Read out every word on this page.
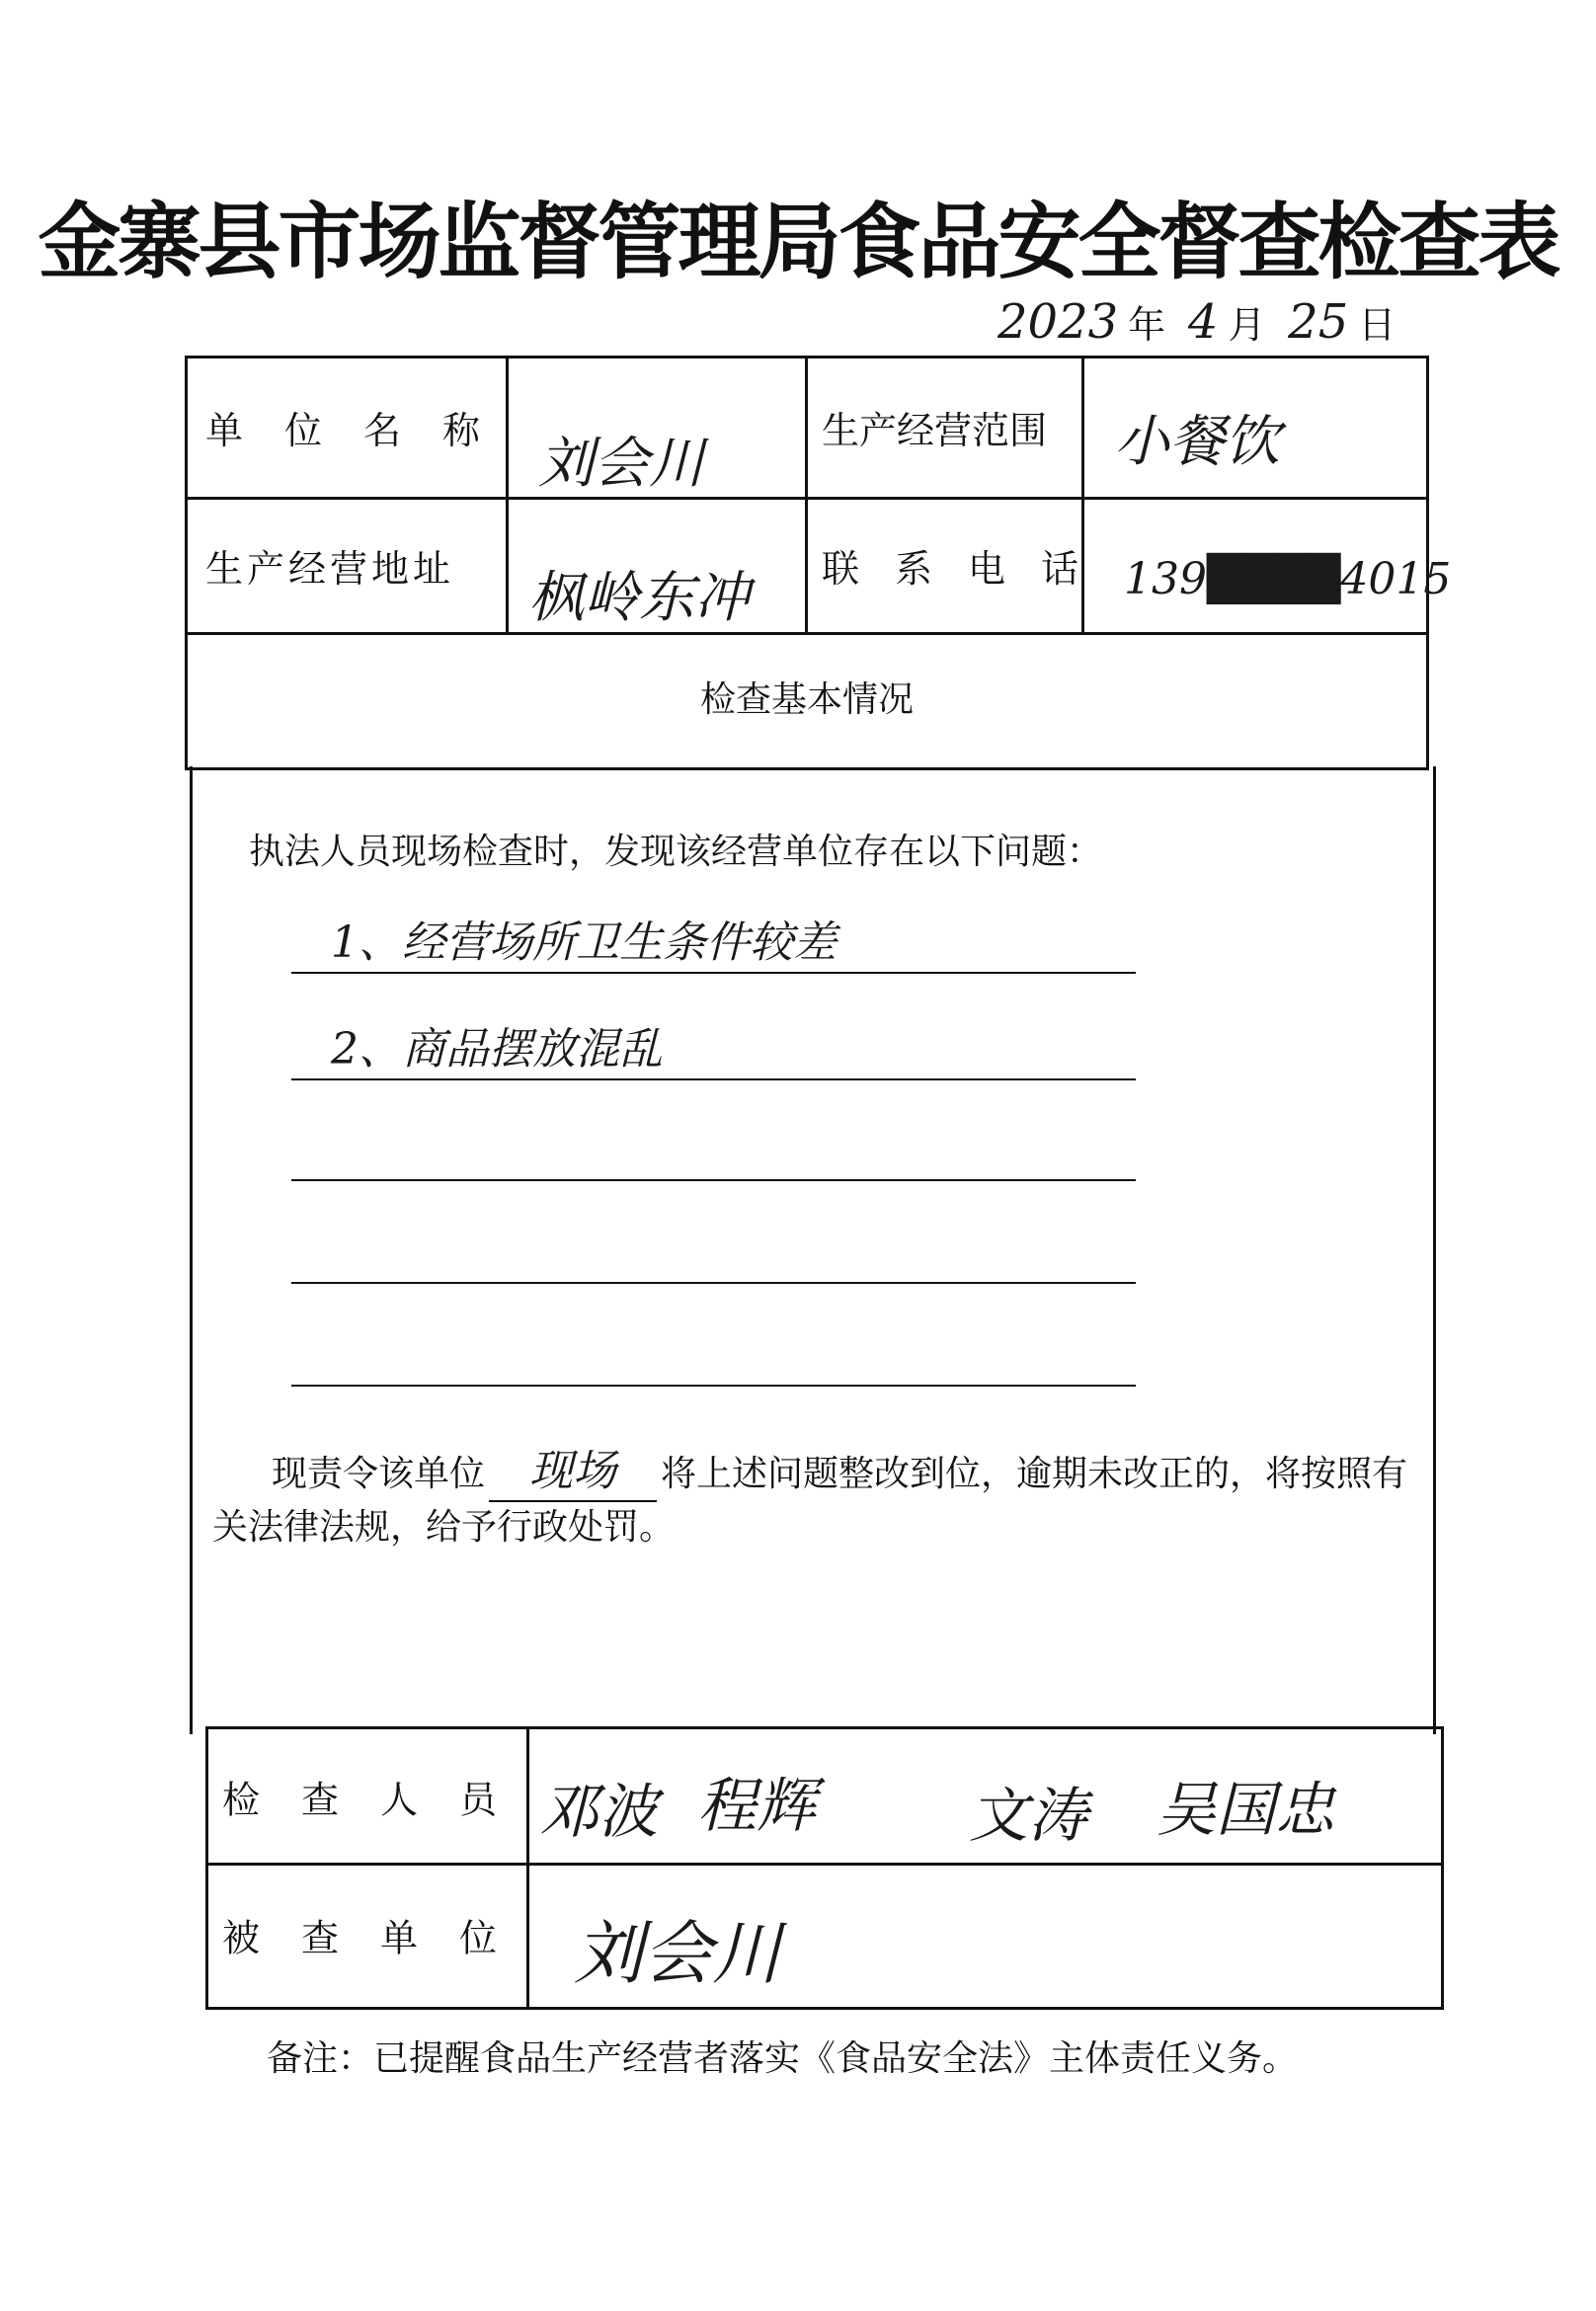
金寨县市场监督管理局食品安全督查检查表
2023 年 4 月 25 日
单位名称
刘会川
生产经营范围 小餐饮
生产经营地址 枫岭东冲 联系电话 139████4015
检查基本情况
执法人员现场检查时，发现该经营单位存在以下问题：
1、经营场所卫生条件较差
2、商品摆放混乱
现责令该单位 现场 将上述问题整改到位，逾期未改正的，将按照有关法律法规，给予行政处罚。
检查人员 邓波 程辉	文涛 吴国忠
被查单位 刘会川
备注：已提醒食品生产经营者落实《食品安全法》主体责任义务。
